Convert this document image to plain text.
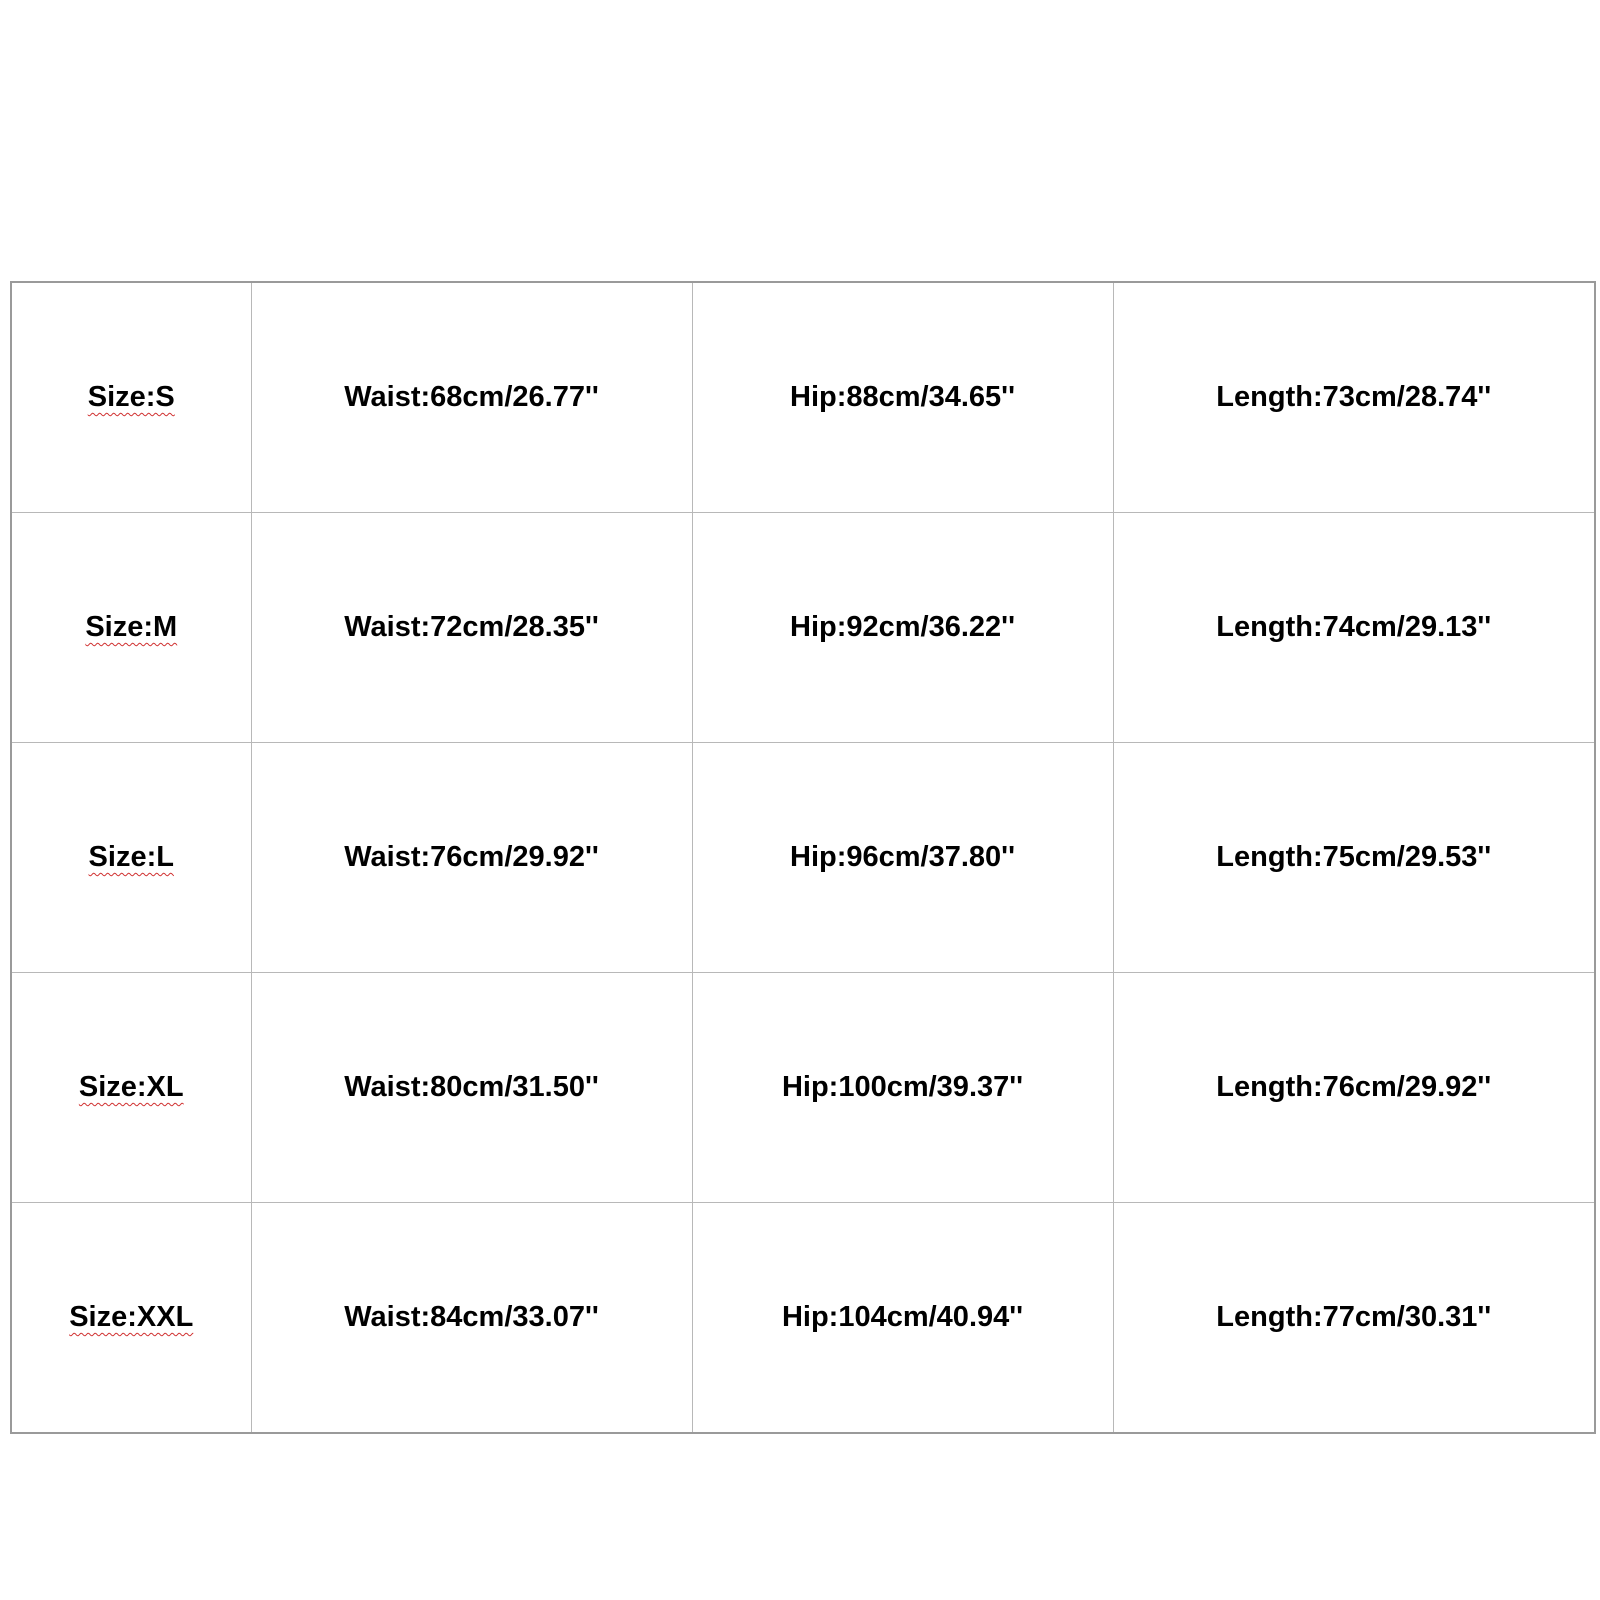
Size:S	Waist:68cm/26.77''	Hip:88cm/34.65''	Length:73cm/28.74''
Size:M	Waist:72cm/28.35''	Hip:92cm/36.22''	Length:74cm/29.13''
Size:L	Waist:76cm/29.92''	Hip:96cm/37.80''	Length:75cm/29.53''
Size:XL	Waist:80cm/31.50''	Hip:100cm/39.37''	Length:76cm/29.92''
Size:XXL	Waist:84cm/33.07''	Hip:104cm/40.94''	Length:77cm/30.31''
